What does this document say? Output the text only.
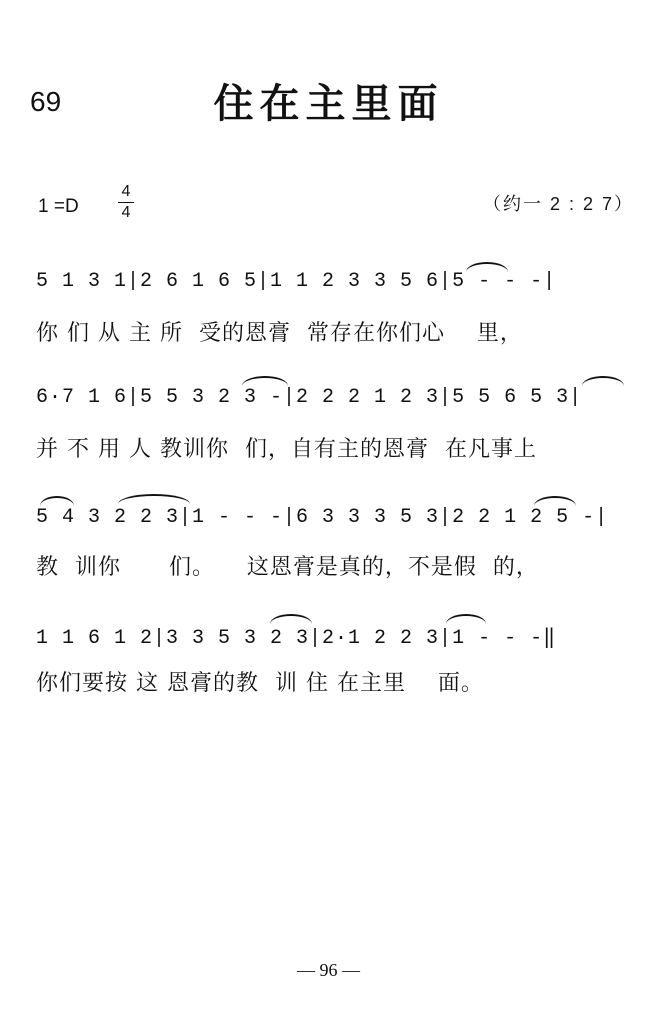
69	住在主里面
1 =D
4
4	（约一 2 : 2 7）
5 1 3 1|2 6 1 6 5|1 1 2 3 3 5 6|5 - - -|
你 们 从 主 所  受的恩膏  常存在你们心    里，
6·7 1 6|5 5 3 2 3 -|2 2 2 1 2 3|5 5 6 5 3|
并 不 用 人 教训你  们，自有主的恩膏  在凡事上
5 4 3 2 2 3|1 - - -|6 3 3 3 5 3|2 2 1 2 5 -|
教  训你      们。    这恩膏是真的，不是假  的，
1 1 6 1 2|3 3 5 3 2 3|2·1 2 2 3|1 - - -‖
你们要按 这 恩膏的教  训 住 在主里    面。
— 96 —
